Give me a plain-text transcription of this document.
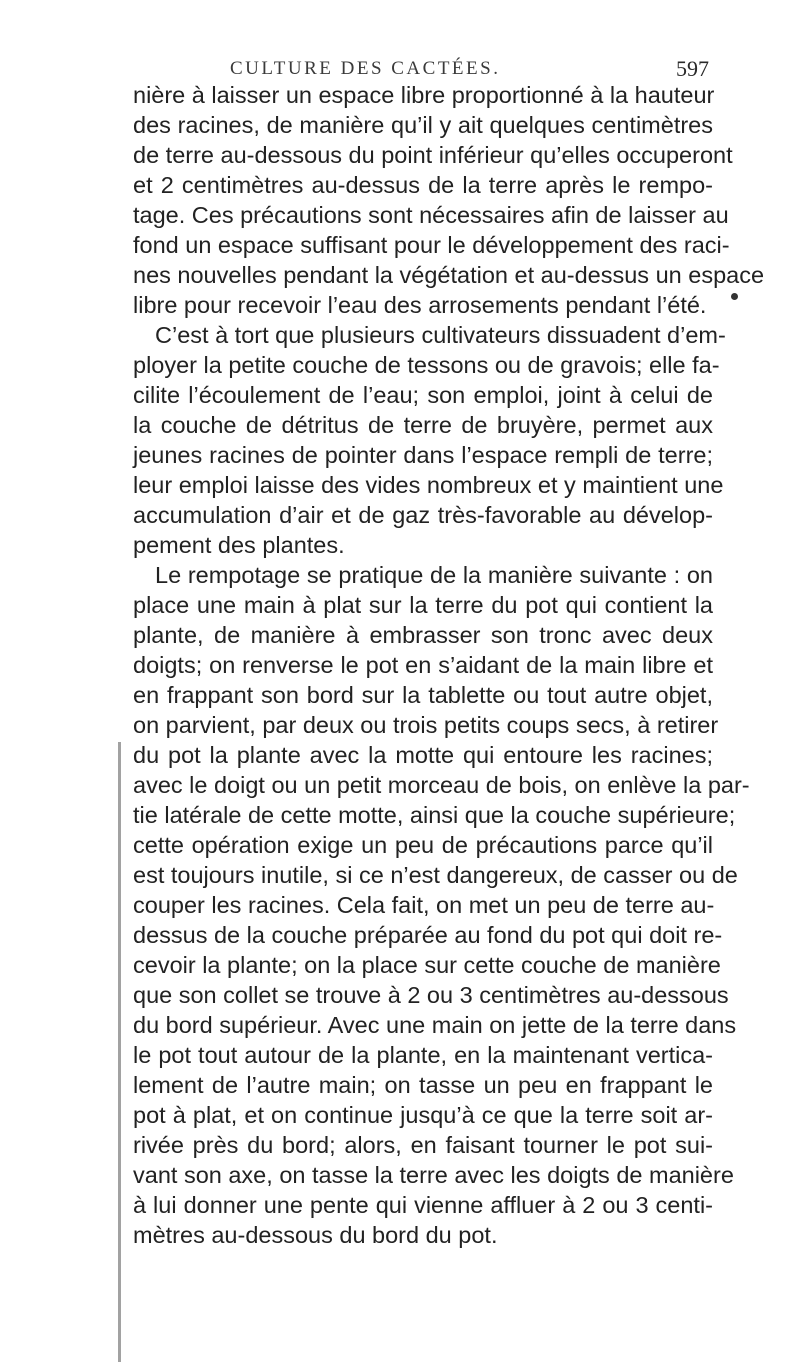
CULTURE DES CACTÉES.	597
nière à laisser un espace libre proportionné à la hauteur
des racines, de manière qu’il y ait quelques centimètres
de terre au-dessous du point inférieur qu’elles occuperont
et 2 centimètres au-dessus de la terre après le rempo-
tage. Ces précautions sont nécessaires afin de laisser au
fond un espace suffisant pour le développement des raci-
nes nouvelles pendant la végétation et au-dessus un espace
libre pour recevoir l’eau des arrosements pendant l’été.
C’est à tort que plusieurs cultivateurs dissuadent d’em-
ployer la petite couche de tessons ou de gravois; elle fa-
cilite l’écoulement de l’eau; son emploi, joint à celui de
la couche de détritus de terre de bruyère, permet aux
jeunes racines de pointer dans l’espace rempli de terre;
leur emploi laisse des vides nombreux et y maintient une
accumulation d’air et de gaz très-favorable au dévelop-
pement des plantes.
Le rempotage se pratique de la manière suivante : on
place une main à plat sur la terre du pot qui contient la
plante, de manière à embrasser son tronc avec deux
doigts; on renverse le pot en s’aidant de la main libre et
en frappant son bord sur la tablette ou tout autre objet,
on parvient, par deux ou trois petits coups secs, à retirer
du pot la plante avec la motte qui entoure les racines;
avec le doigt ou un petit morceau de bois, on enlève la par-
tie latérale de cette motte, ainsi que la couche supérieure;
cette opération exige un peu de précautions parce qu’il
est toujours inutile, si ce n’est dangereux, de casser ou de
couper les racines. Cela fait, on met un peu de terre au-
dessus de la couche préparée au fond du pot qui doit re-
cevoir la plante; on la place sur cette couche de manière
que son collet se trouve à 2 ou 3 centimètres au-dessous
du bord supérieur. Avec une main on jette de la terre dans
le pot tout autour de la plante, en la maintenant vertica-
lement de l’autre main; on tasse un peu en frappant le
pot à plat, et on continue jusqu’à ce que la terre soit ar-
rivée près du bord; alors, en faisant tourner le pot sui-
vant son axe, on tasse la terre avec les doigts de manière
à lui donner une pente qui vienne affluer à 2 ou 3 centi-
mètres au-dessous du bord du pot.
